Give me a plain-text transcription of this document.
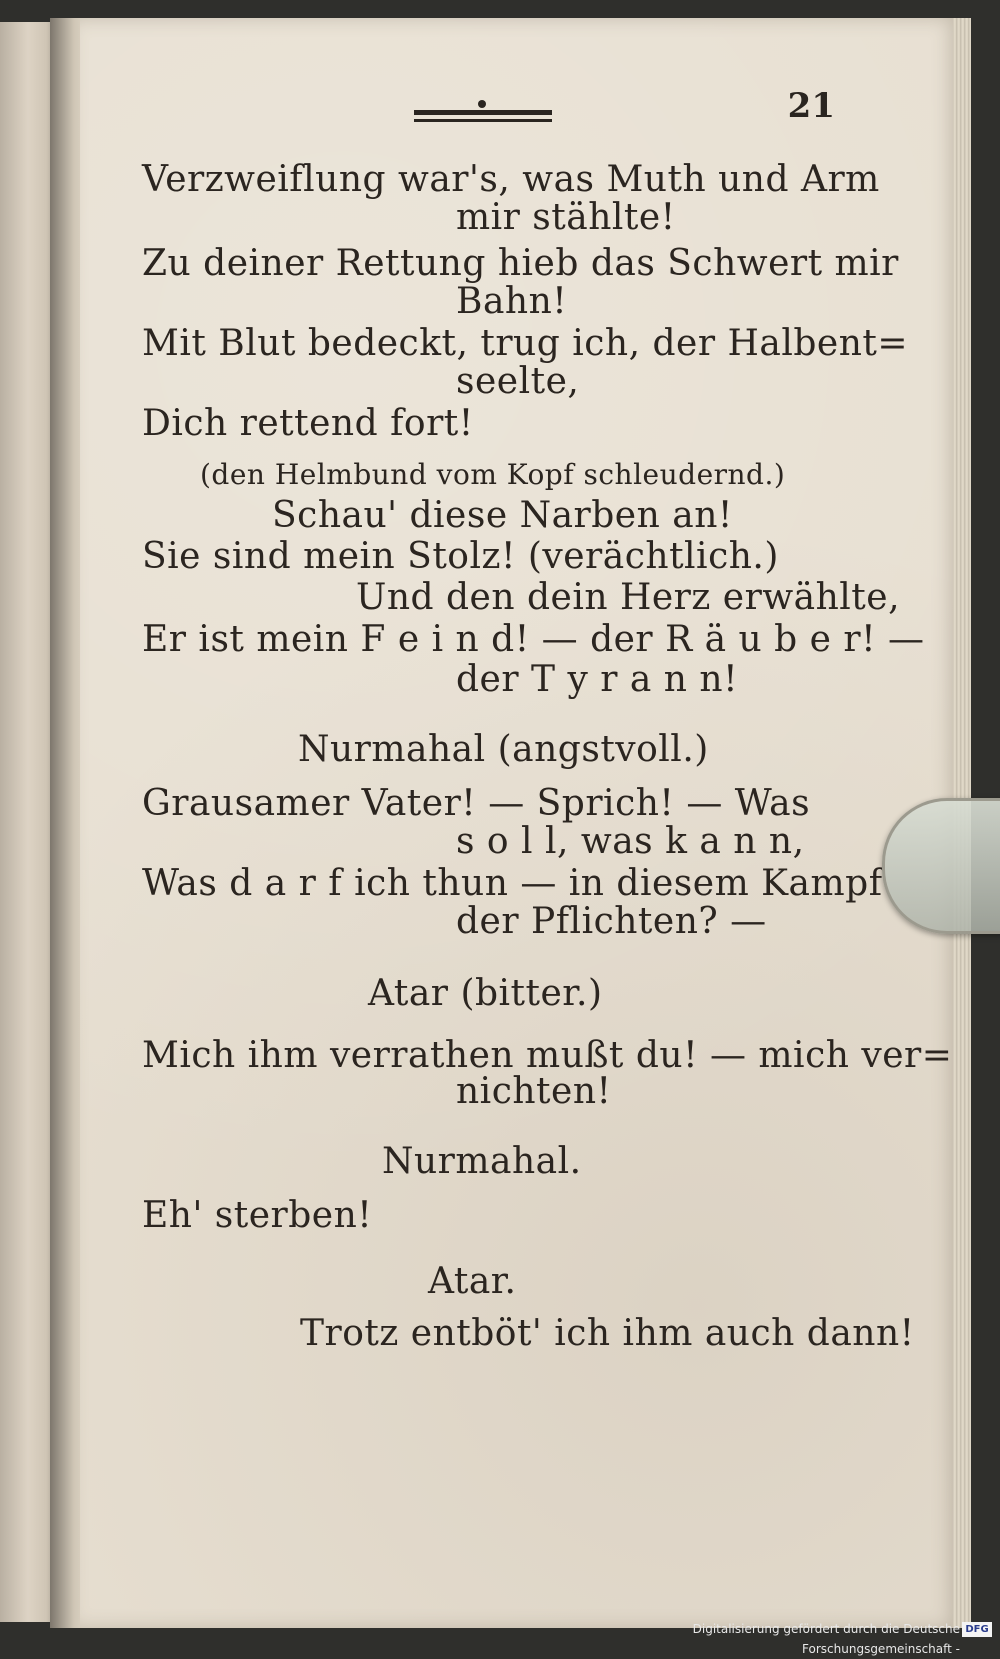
21
Verzweiflung war's, was Muth und Arm
mir stählte!
Zu deiner Rettung hieb das Schwert mir
Bahn!
Mit Blut bedeckt, trug ich, der Halbent=
seelte,
Dich rettend fort!
(den Helmbund vom Kopf schleudernd.)
Schau' diese Narben an!
Sie sind mein Stolz! (verächtlich.)
Und den dein Herz erwählte,
Er ist mein F e i n d! — der R ä u b e r! —
der T y r a n n!
Nurmahal (angstvoll.)
Grausamer Vater! — Sprich! — Was
s o l l, was k a n n,
Was d a r f ich thun — in diesem Kampf
der Pflichten? —
Atar (bitter.)
Mich ihm verrathen mußt du! — mich ver=
nichten!
Nurmahal.
Eh' sterben!
Atar.
Trotz entböt' ich ihm auch dann!
Digitalisierung gefördert durch die Deutsche Forschungsgemeinschaft -
DFG
